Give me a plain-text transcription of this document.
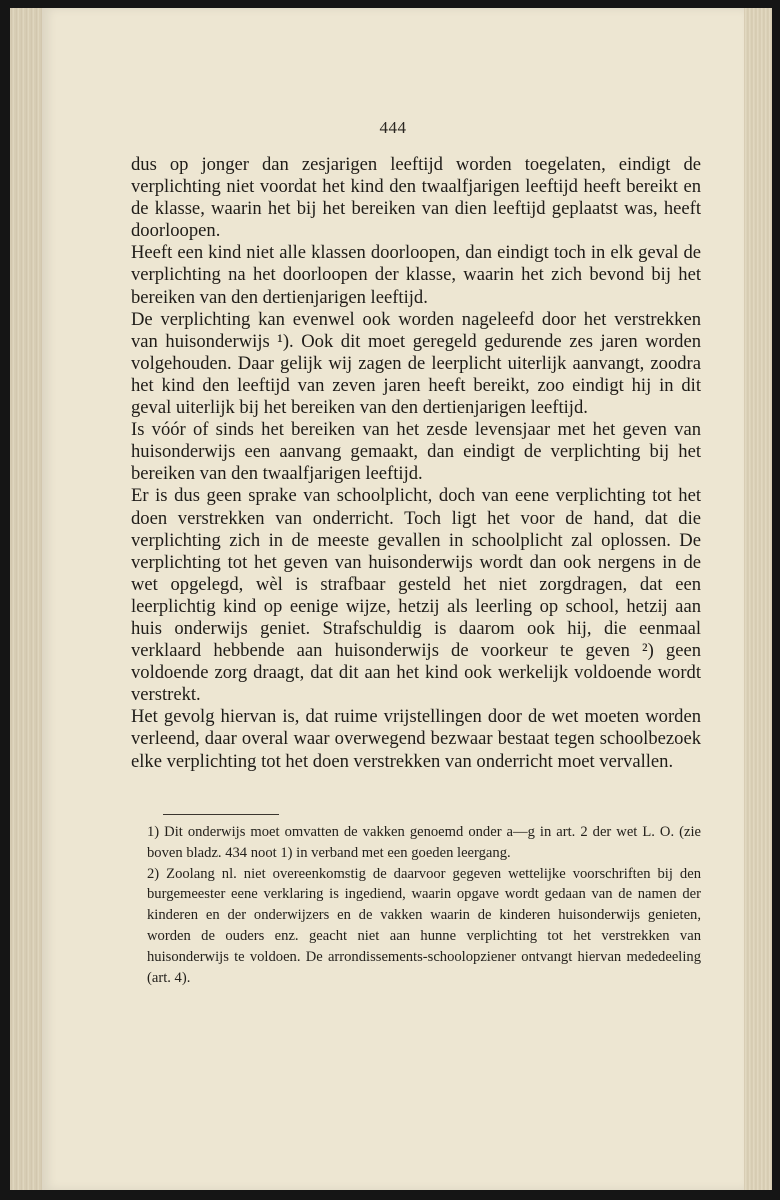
444

dus op jonger dan zesjarigen leeftijd worden toegelaten, eindigt de verplichting niet voordat het kind den twaalfjarigen leeftijd heeft bereikt en de klasse, waarin het bij het bereiken van dien leeftijd geplaatst was, heeft doorloopen.

Heeft een kind niet alle klassen doorloopen, dan eindigt toch in elk geval de verplichting na het doorloopen der klasse, waarin het zich bevond bij het bereiken van den dertienjarigen leeftijd.

De verplichting kan evenwel ook worden nageleefd door het verstrekken van huisonderwijs ¹). Ook dit moet geregeld gedurende zes jaren worden volgehouden. Daar gelijk wij zagen de leerplicht uiterlijk aanvangt, zoodra het kind den leeftijd van zeven jaren heeft bereikt, zoo eindigt hij in dit geval uiterlijk bij het bereiken van den dertienjarigen leeftijd.

Is vóór of sinds het bereiken van het zesde levensjaar met het geven van huisonderwijs een aanvang gemaakt, dan eindigt de verplichting bij het bereiken van den twaalfjarigen leeftijd.

Er is dus geen sprake van schoolplicht, doch van eene verplichting tot het doen verstrekken van onderricht. Toch ligt het voor de hand, dat die verplichting zich in de meeste gevallen in schoolplicht zal oplossen. De verplichting tot het geven van huisonderwijs wordt dan ook nergens in de wet opgelegd, wèl is strafbaar gesteld het niet zorgdragen, dat een leerplichtig kind op eenige wijze, hetzij als leerling op school, hetzij aan huis onderwijs geniet. Strafschuldig is daarom ook hij, die eenmaal verklaard hebbende aan huisonderwijs de voorkeur te geven ²) geen voldoende zorg draagt, dat dit aan het kind ook werkelijk voldoende wordt verstrekt.

Het gevolg hiervan is, dat ruime vrijstellingen door de wet moeten worden verleend, daar overal waar overwegend bezwaar bestaat tegen schoolbezoek elke verplichting tot het doen verstrekken van onderricht moet vervallen.

1) Dit onderwijs moet omvatten de vakken genoemd onder a—g in art. 2 der wet L. O. (zie boven bladz. 434 noot 1) in verband met een goeden leergang.

2) Zoolang nl. niet overeenkomstig de daarvoor gegeven wettelijke voorschriften bij den burgemeester eene verklaring is ingediend, waarin opgave wordt gedaan van de namen der kinderen en der onderwijzers en de vakken waarin de kinderen huisonderwijs genieten, worden de ouders enz. geacht niet aan hunne verplichting tot het verstrekken van huisonderwijs te voldoen. De arrondissements-schoolopziener ontvangt hiervan mededeeling (art. 4).
